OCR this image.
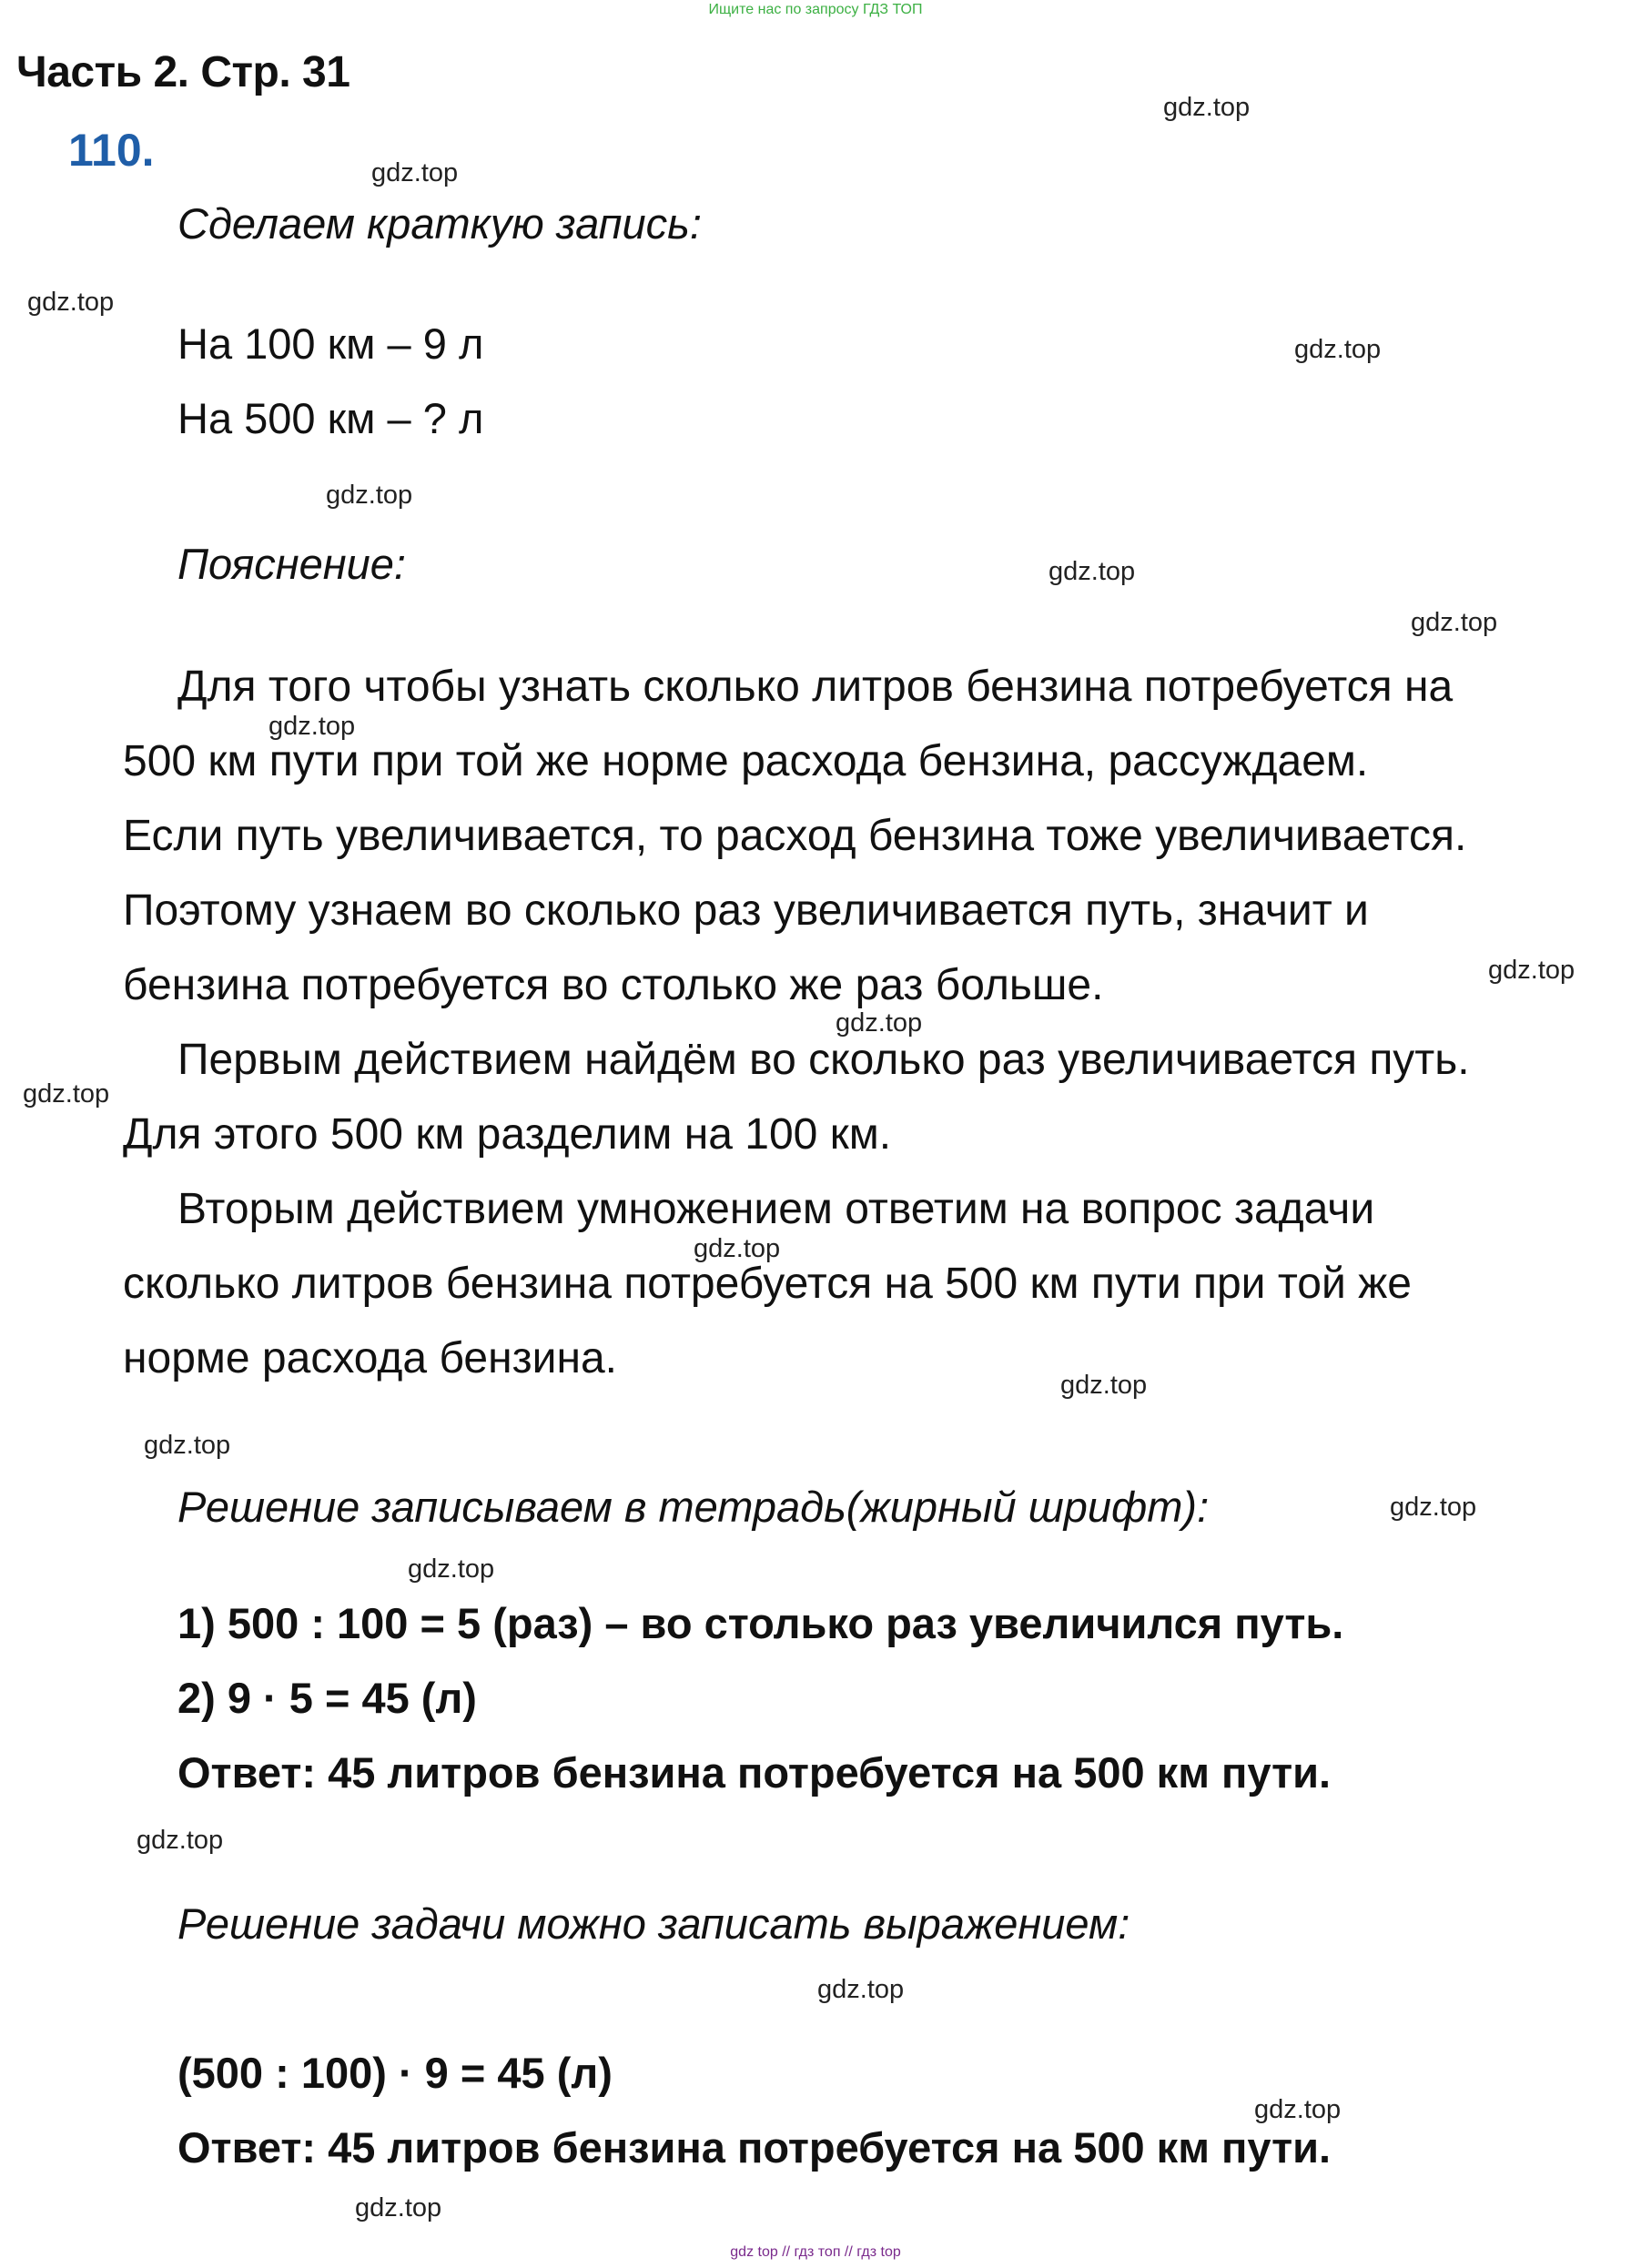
Ищите нас по запросу ГДЗ ТОП
Часть 2. Стр. 31
110.
Сделаем краткую запись:
На 100 км – 9 л
На 500 км – ? л
Пояснение:
Для того чтобы узнать сколько литров бензина потребуется на
500 км пути при той же норме расхода бензина, рассуждаем.
Если путь увеличивается, то расход бензина тоже увеличивается.
Поэтому узнаем во сколько раз увеличивается путь, значит и
бензина потребуется во столько же раз больше.
Первым действием найдём во сколько раз увеличивается путь.
Для этого 500 км разделим на 100 км.
Вторым действием умножением ответим на вопрос задачи
сколько литров бензина потребуется на 500 км пути при той же
норме расхода бензина.
Решение записываем в тетрадь(жирный шрифт):
1) 500 : 100 = 5 (раз) – во столько раз увеличился путь.
2) 9 · 5 = 45 (л)
Ответ: 45 литров бензина потребуется на 500 км пути.
Решение задачи можно записать выражением:
(500 : 100) · 9 = 45 (л)
Ответ: 45 литров бензина потребуется на 500 км пути.
gdz.top
gdz.top
gdz.top
gdz.top
gdz.top
gdz.top
gdz.top
gdz.top
gdz.top
gdz.top
gdz.top
gdz.top
gdz.top
gdz.top
gdz.top
gdz.top
gdz.top
gdz.top
gdz.top
gdz.top
gdz top // гдз топ // гдз top
